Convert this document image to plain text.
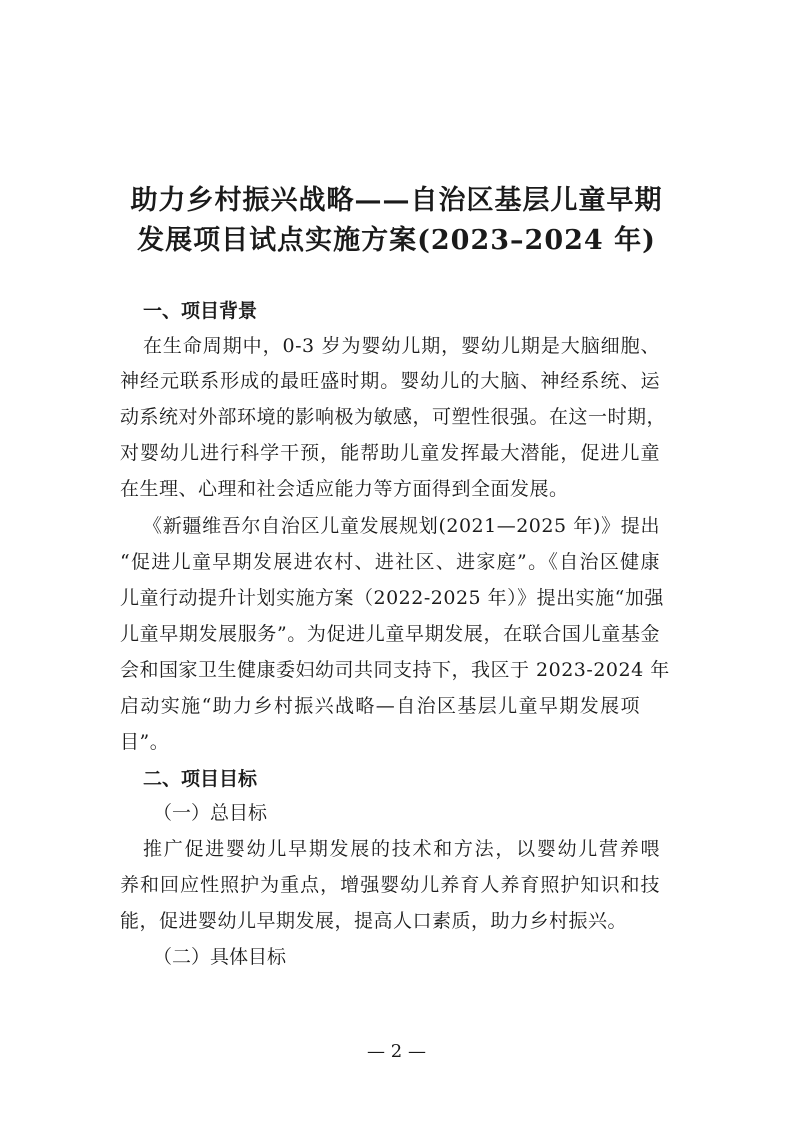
助力乡村振兴战略——自治区基层儿童早期
发展项目试点实施方案(2023–2024 年)
一、项目背景

在生命周期中，0-3 岁为婴幼儿期，婴幼儿期是大脑细胞、

神经元联系形成的最旺盛时期。婴幼儿的大脑、神经系统、运

动系统对外部环境的影响极为敏感，可塑性很强。在这一时期，

对婴幼儿进行科学干预，能帮助儿童发挥最大潜能，促进儿童

在生理、心理和社会适应能力等方面得到全面发展。

《新疆维吾尔自治区儿童发展规划(2021—2025 年)》提出

“促进儿童早期发展进农村、进社区、进家庭”。《自治区健康

儿童行动提升计划实施方案（2022-2025 年）》提出实施“加强

儿童早期发展服务”。为促进儿童早期发展，在联合国儿童基金

会和国家卫生健康委妇幼司共同支持下，我区于 2023-2024 年

启动实施“助力乡村振兴战略—自治区基层儿童早期发展项

目”。

二、项目目标

（一）总目标

推广促进婴幼儿早期发展的技术和方法，以婴幼儿营养喂

养和回应性照护为重点，增强婴幼儿养育人养育照护知识和技

能，促进婴幼儿早期发展，提高人口素质，助力乡村振兴。

（二）具体目标

— 2 —
